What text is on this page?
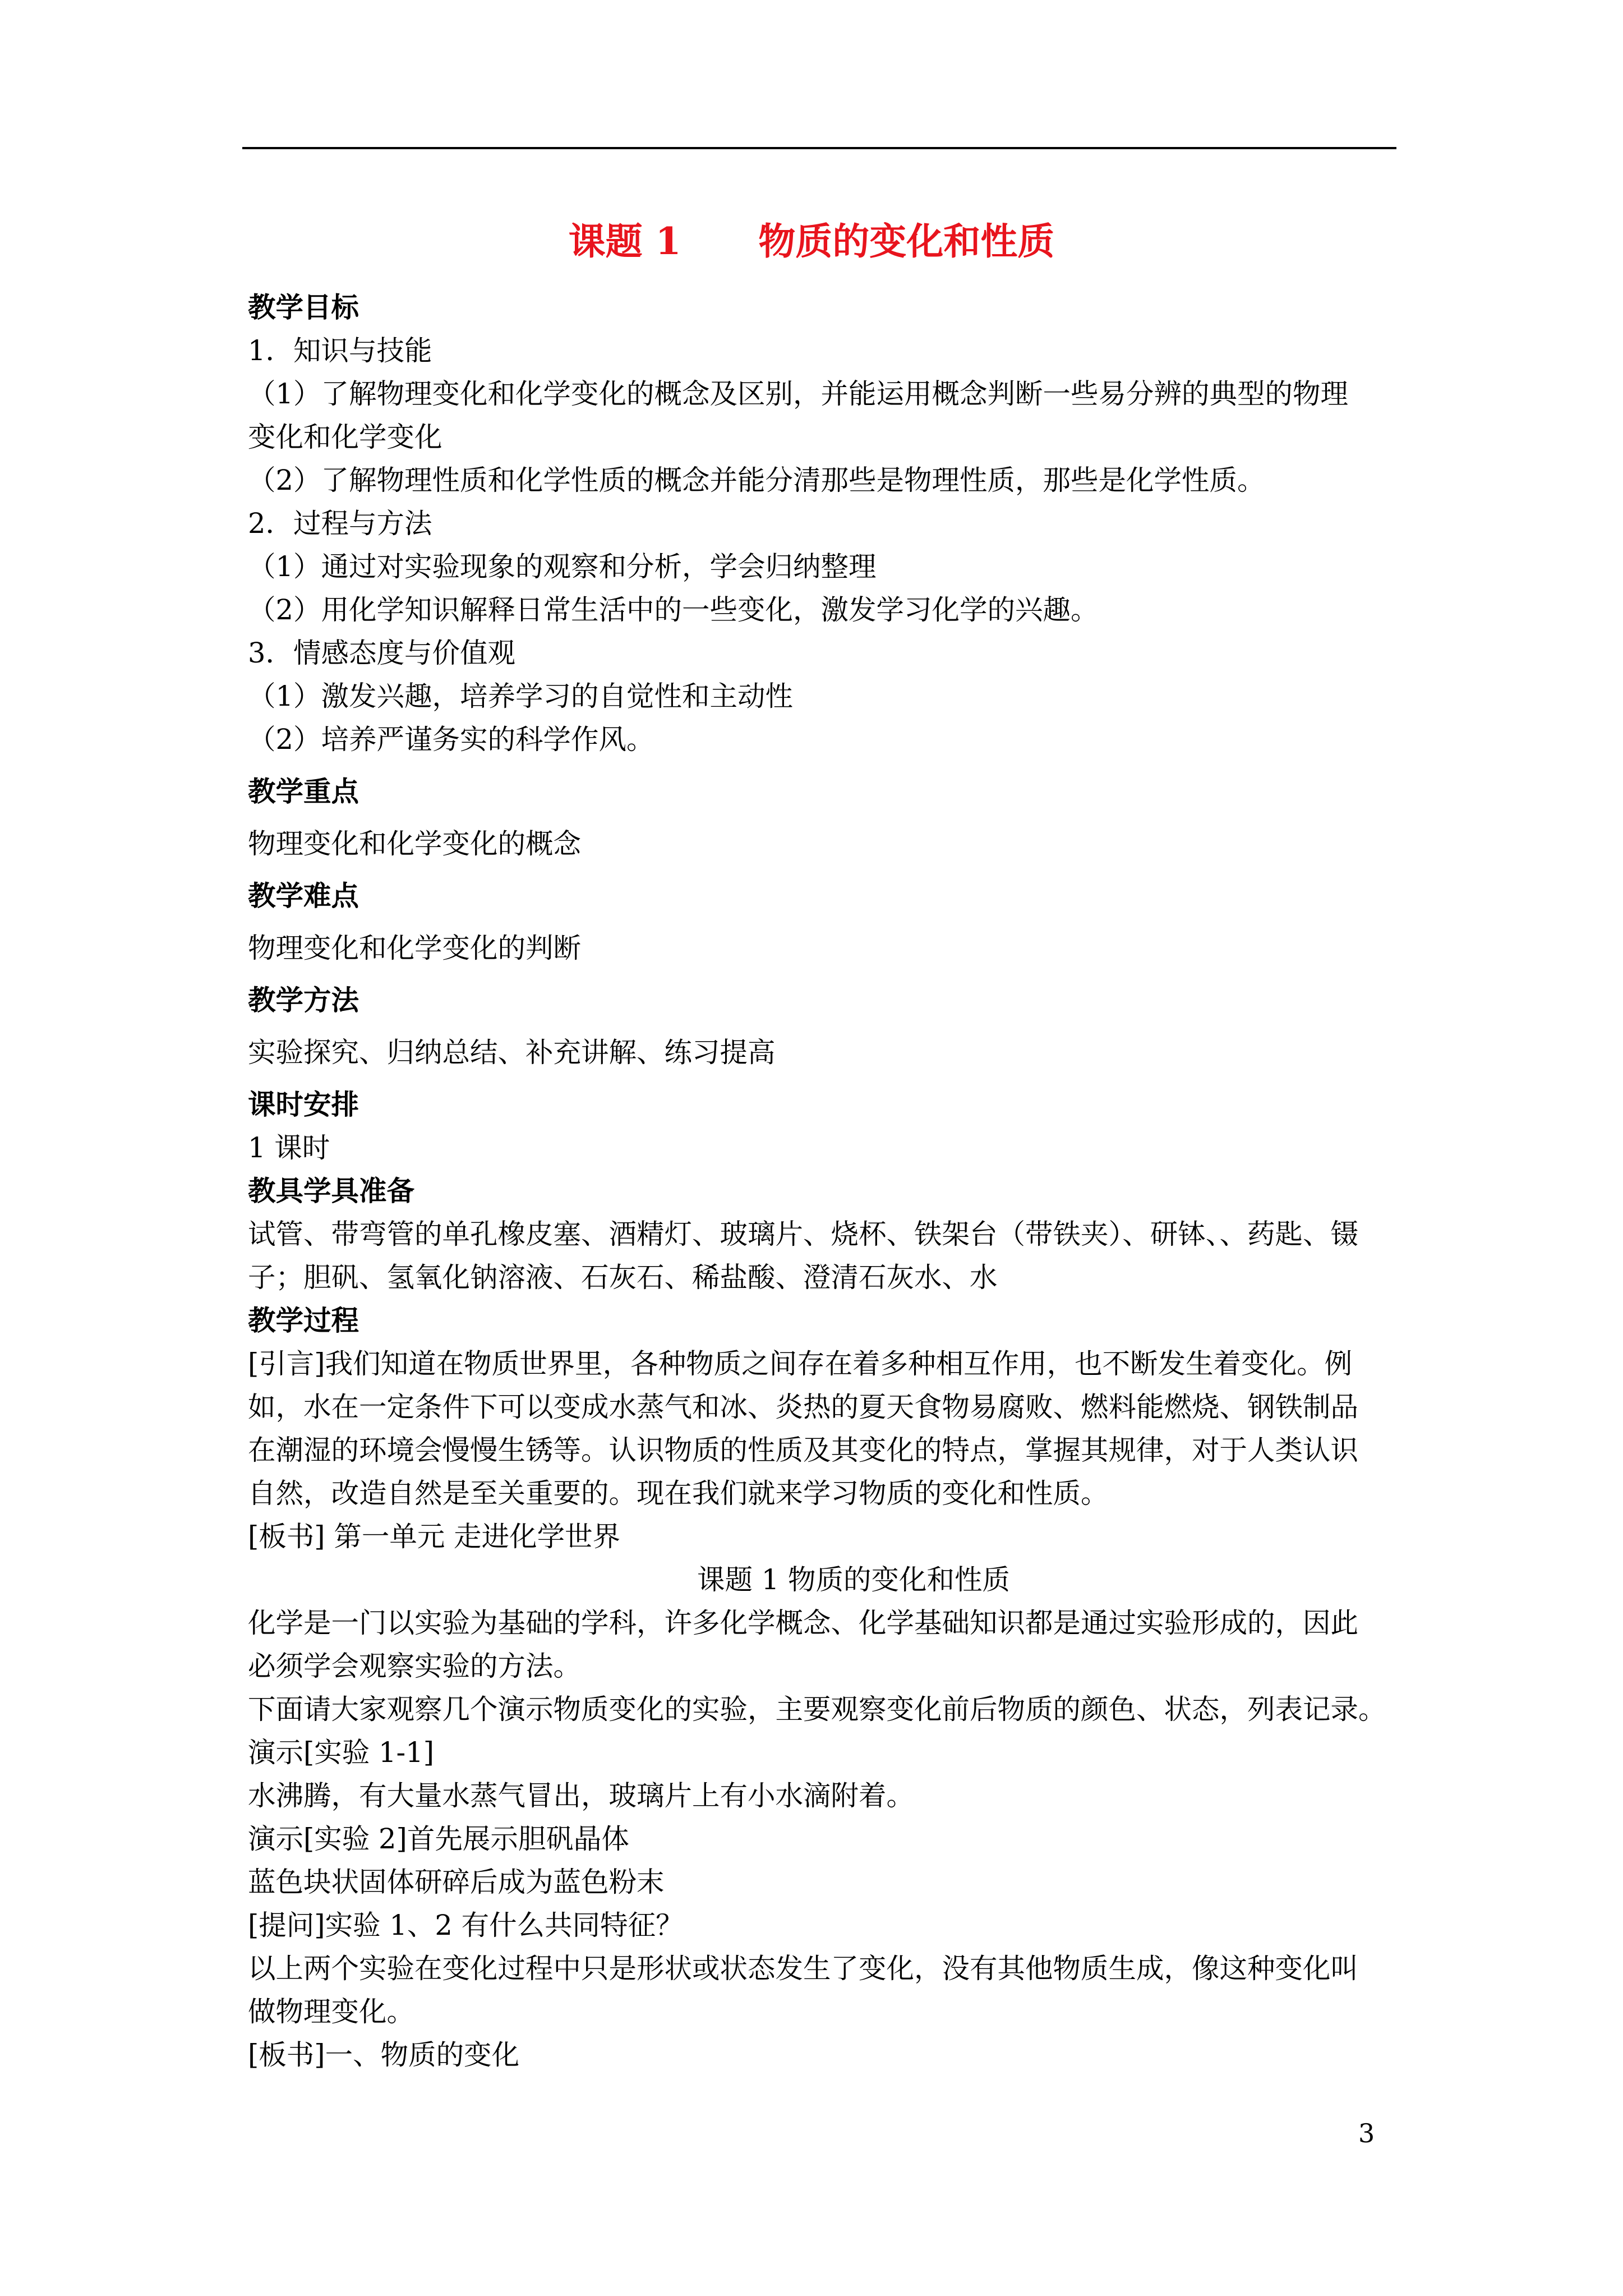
课题 1      物质的变化和性质
教学目标
1．知识与技能
（1）了解物理变化和化学变化的概念及区别，并能运用概念判断一些易分辨的典型的物理
变化和化学变化
（2）了解物理性质和化学性质的概念并能分清那些是物理性质，那些是化学性质。
2．过程与方法
（1）通过对实验现象的观察和分析，学会归纳整理
（2）用化学知识解释日常生活中的一些变化，激发学习化学的兴趣。
3．情感态度与价值观
（1）激发兴趣，培养学习的自觉性和主动性
（2）培养严谨务实的科学作风。
教学重点
物理变化和化学变化的概念
教学难点
物理变化和化学变化的判断
教学方法
实验探究、归纳总结、补充讲解、练习提高
课时安排
1 课时
教具学具准备
试管、带弯管的单孔橡皮塞、酒精灯、玻璃片、烧杯、铁架台（带铁夹）、研钵、、药匙、镊
子；胆矾、氢氧化钠溶液、石灰石、稀盐酸、澄清石灰水、水
教学过程
[引言]我们知道在物质世界里，各种物质之间存在着多种相互作用，也不断发生着变化。例
如，水在一定条件下可以变成水蒸气和冰、炎热的夏天食物易腐败、燃料能燃烧、钢铁制品
在潮湿的环境会慢慢生锈等。认识物质的性质及其变化的特点，掌握其规律，对于人类认识
自然，改造自然是至关重要的。现在我们就来学习物质的变化和性质。
[板书] 第一单元 走进化学世界
课题 1 物质的变化和性质
化学是一门以实验为基础的学科，许多化学概念、化学基础知识都是通过实验形成的，因此
必须学会观察实验的方法。
下面请大家观察几个演示物质变化的实验，主要观察变化前后物质的颜色、状态，列表记录。
演示[实验 1-1]
水沸腾，有大量水蒸气冒出，玻璃片上有小水滴附着。
演示[实验 2]首先展示胆矾晶体
蓝色块状固体研碎后成为蓝色粉末
[提问]实验 1、2 有什么共同特征？
以上两个实验在变化过程中只是形状或状态发生了变化，没有其他物质生成，像这种变化叫
做物理变化。
[板书]一、物质的变化
3
